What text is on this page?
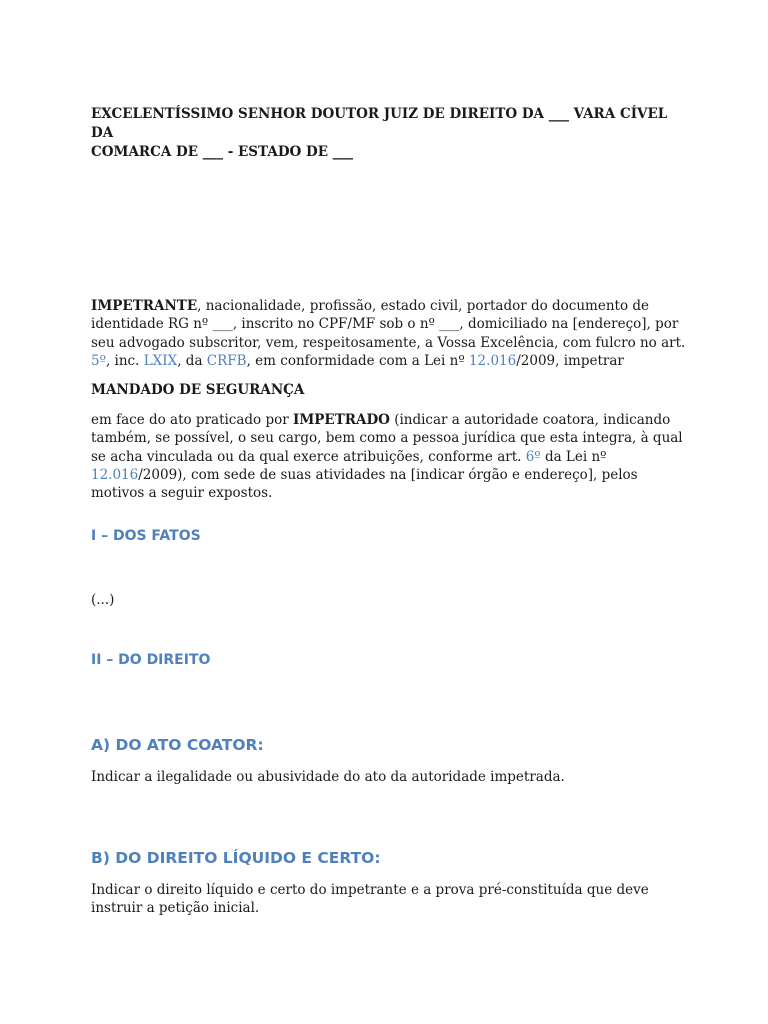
EXCELENTÍSSIMO SENHOR DOUTOR JUIZ DE DIREITO DA ___ VARA CÍVEL DA
COMARCA DE ___ - ESTADO DE ___
IMPETRANTE, nacionalidade, profissão, estado civil, portador do documento de identidade RG nº ___, inscrito no CPF/MF sob o nº ___, domiciliado na [endereço], por seu advogado subscritor, vem, respeitosamente, a Vossa Excelência, com fulcro no art. 5º, inc. LXIX, da CRFB, em conformidade com a Lei nº 12.016/2009, impetrar
MANDADO DE SEGURANÇA
em face do ato praticado por IMPETRADO (indicar a autoridade coatora, indicando também, se possível, o seu cargo, bem como a pessoa jurídica que esta integra, à qual se acha vinculada ou da qual exerce atribuições, conforme art. 6º da Lei nº 12.016/2009), com sede de suas atividades na [indicar órgão e endereço], pelos motivos a seguir expostos.
I – DOS FATOS
(...)
II – DO DIREITO
A) DO ATO COATOR:
Indicar a ilegalidade ou abusividade do ato da autoridade impetrada.
B) DO DIREITO LÍQUIDO E CERTO:
Indicar o direito líquido e certo do impetrante e a prova pré-constituída que deve instruir a petição inicial.
